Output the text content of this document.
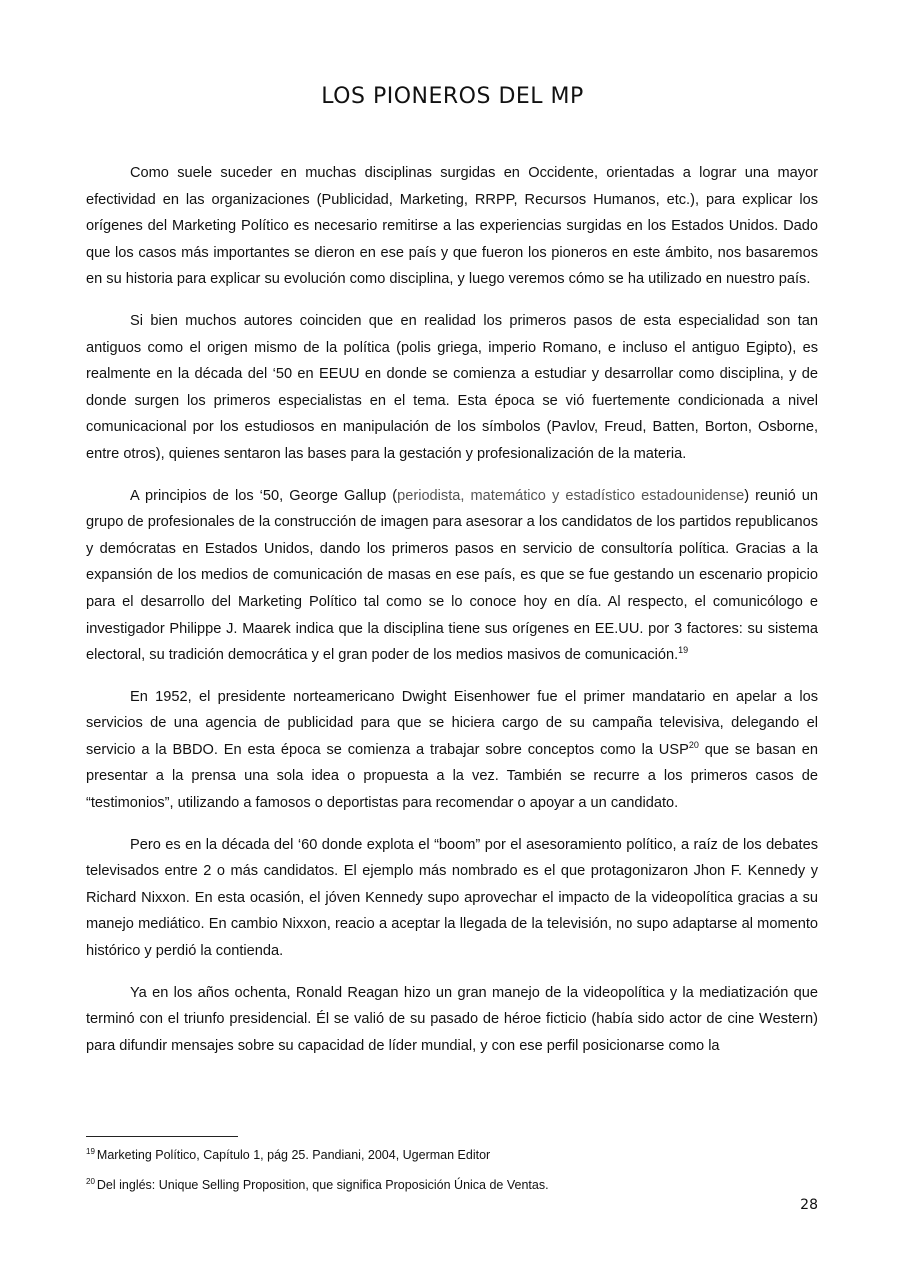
LOS PIONEROS DEL MP

Como suele suceder en muchas disciplinas surgidas en Occidente, orientadas a lograr una mayor efectividad en las organizaciones (Publicidad, Marketing, RRPP, Recursos Humanos, etc.), para explicar los orígenes del Marketing Político es necesario remitirse a las experiencias surgidas en los Estados Unidos. Dado que los casos más importantes se dieron en ese país y que fueron los pioneros en este ámbito, nos basaremos en su historia para explicar su evolución como disciplina, y luego veremos cómo se ha utilizado en nuestro país.

Si bien muchos autores coinciden que en realidad los primeros pasos de esta especialidad son tan antiguos como el origen mismo de la política (polis griega, imperio Romano, e incluso el antiguo Egipto), es realmente en la década del ‘50 en EEUU en donde se comienza a estudiar y desarrollar como disciplina, y de donde surgen los primeros especialistas en el tema. Esta época se vió fuertemente condicionada a nivel comunicacional por los estudiosos en manipulación de los símbolos (Pavlov, Freud, Batten, Borton, Osborne, entre otros), quienes sentaron las bases para la gestación y profesionalización de la materia.

A principios de los ‘50, George Gallup (periodista, matemático y estadístico estadounidense) reunió un grupo de profesionales de la construcción de imagen para asesorar a los candidatos de los partidos republicanos y demócratas en Estados Unidos, dando los primeros pasos en servicio de consultoría política. Gracias a la expansión de los medios de comunicación de masas en ese país, es que se fue gestando un escenario propicio para el desarrollo del Marketing Político tal como se lo conoce hoy en día. Al respecto, el comunicólogo e investigador Philippe J. Maarek indica que la disciplina tiene sus orígenes en EE.UU. por 3 factores: su sistema electoral, su tradición democrática y el gran poder de los medios masivos de comunicación.$^{19}$

En 1952, el presidente norteamericano Dwight Eisenhower fue el primer mandatario en apelar a los servicios de una agencia de publicidad para que se hiciera cargo de su campaña televisiva, delegando el servicio a la BBDO. En esta época se comienza a trabajar sobre conceptos como la USP$^{20}$ que se basan en presentar a la prensa una sola idea o propuesta a la vez. También se recurre a los primeros casos de “testimonios”, utilizando a famosos o deportistas para recomendar o apoyar a un candidato.

Pero es en la década del ‘60 donde explota el “boom” por el asesoramiento político, a raíz de los debates televisados entre 2 o más candidatos. El ejemplo más nombrado es el que protagonizaron Jhon F. Kennedy y Richard Nixxon. En esta ocasión, el jóven Kennedy supo aprovechar el impacto de la videopolítica gracias a su manejo mediático. En cambio Nixxon, reacio a aceptar la llegada de la televisión, no supo adaptarse al momento histórico y perdió la contienda.

Ya en los años ochenta, Ronald Reagan hizo un gran manejo de la videopolítica y la mediatización que terminó con el triunfo presidencial. Él se valió de su pasado de héroe ficticio (había sido actor de cine Western) para difundir mensajes sobre su capacidad de líder mundial, y con ese perfil posicionarse como la

$^{19}$ Marketing Político, Capítulo 1, pág 25. Pandiani, 2004, Ugerman Editor
$^{20}$ Del inglés: Unique Selling Proposition, que significa Proposición Única de Ventas.
28
